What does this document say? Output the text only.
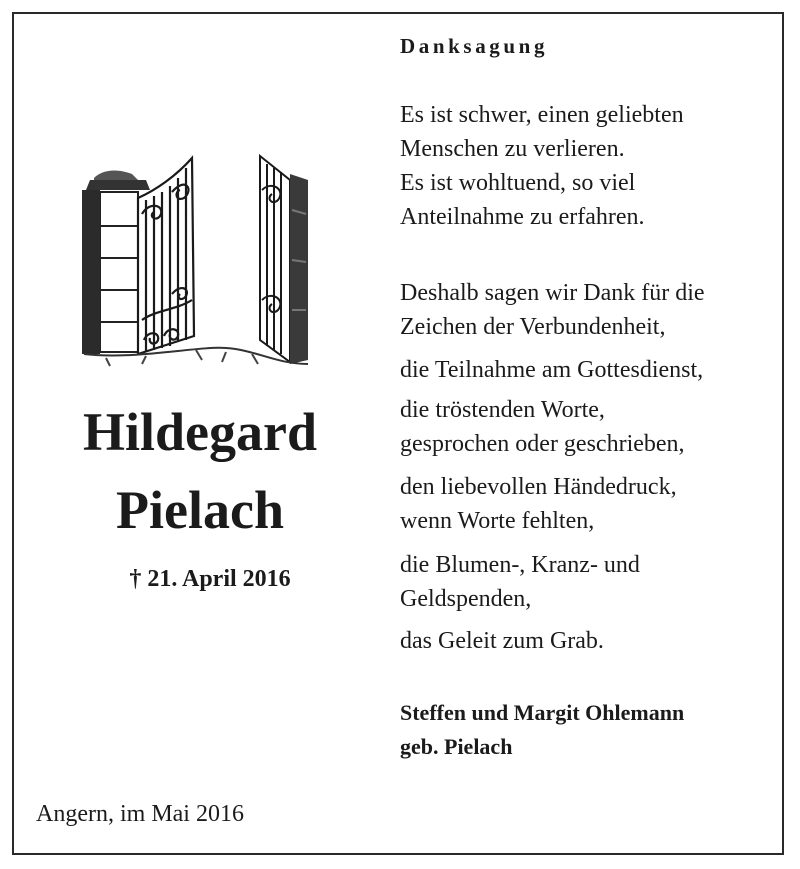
Hildegard

Pielach

† 21. April 2016

Angern, im Mai 2016

Danksagung

Es ist schwer, einen geliebten
Menschen zu verlieren.
Es ist wohltuend, so viel
Anteilnahme zu erfahren.

Deshalb sagen wir Dank für die
Zeichen der Verbundenheit,

die Teilnahme am Gottesdienst,

die tröstenden Worte,
gesprochen oder geschrieben,

den liebevollen Händedruck,
wenn Worte fehlten,

die Blumen-, Kranz- und
Geldspenden,

das Geleit zum Grab.

Steffen und Margit Ohlemann
geb. Pielach
